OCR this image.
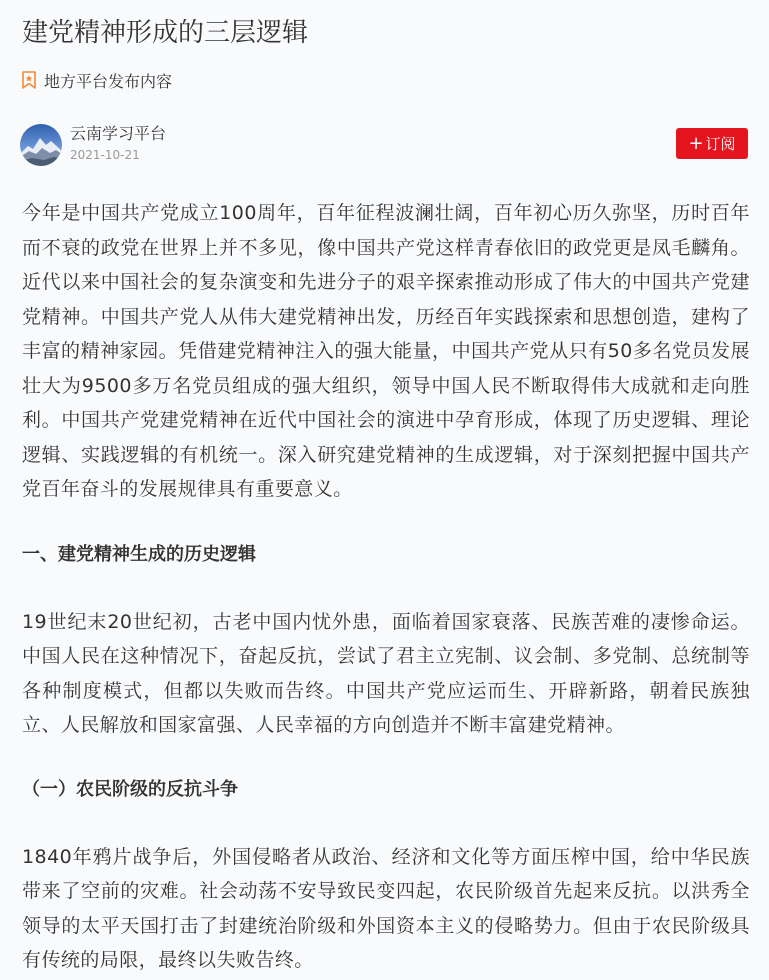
建党精神形成的三层逻辑
地方平台发布内容
云南学习平台
2021-10-21
+ 订阅

今年是中国共产党成立100周年，百年征程波澜壮阔，百年初心历久弥坚，历时百年而不衰的政党在世界上并不多见，像中国共产党这样青春依旧的政党更是凤毛麟角。近代以来中国社会的复杂演变和先进分子的艰辛探索推动形成了伟大的中国共产党建党精神。中国共产党人从伟大建党精神出发，历经百年实践探索和思想创造，建构了丰富的精神家园。凭借建党精神注入的强大能量，中国共产党从只有50多名党员发展壮大为9500多万名党员组成的强大组织，领导中国人民不断取得伟大成就和走向胜利。中国共产党建党精神在近代中国社会的演进中孕育形成，体现了历史逻辑、理论逻辑、实践逻辑的有机统一。深入研究建党精神的生成逻辑，对于深刻把握中国共产党百年奋斗的发展规律具有重要意义。

一、建党精神生成的历史逻辑

19世纪末20世纪初，古老中国内忧外患，面临着国家衰落、民族苦难的凄惨命运。中国人民在这种情况下，奋起反抗，尝试了君主立宪制、议会制、多党制、总统制等各种制度模式，但都以失败而告终。中国共产党应运而生、开辟新路，朝着民族独立、人民解放和国家富强、人民幸福的方向创造并不断丰富建党精神。

（一）农民阶级的反抗斗争

1840年鸦片战争后，外国侵略者从政治、经济和文化等方面压榨中国，给中华民族带来了空前的灾难。社会动荡不安导致民变四起，农民阶级首先起来反抗。以洪秀全领导的太平天国打击了封建统治阶级和外国资本主义的侵略势力。但由于农民阶级具有传统的局限，最终以失败告终。
